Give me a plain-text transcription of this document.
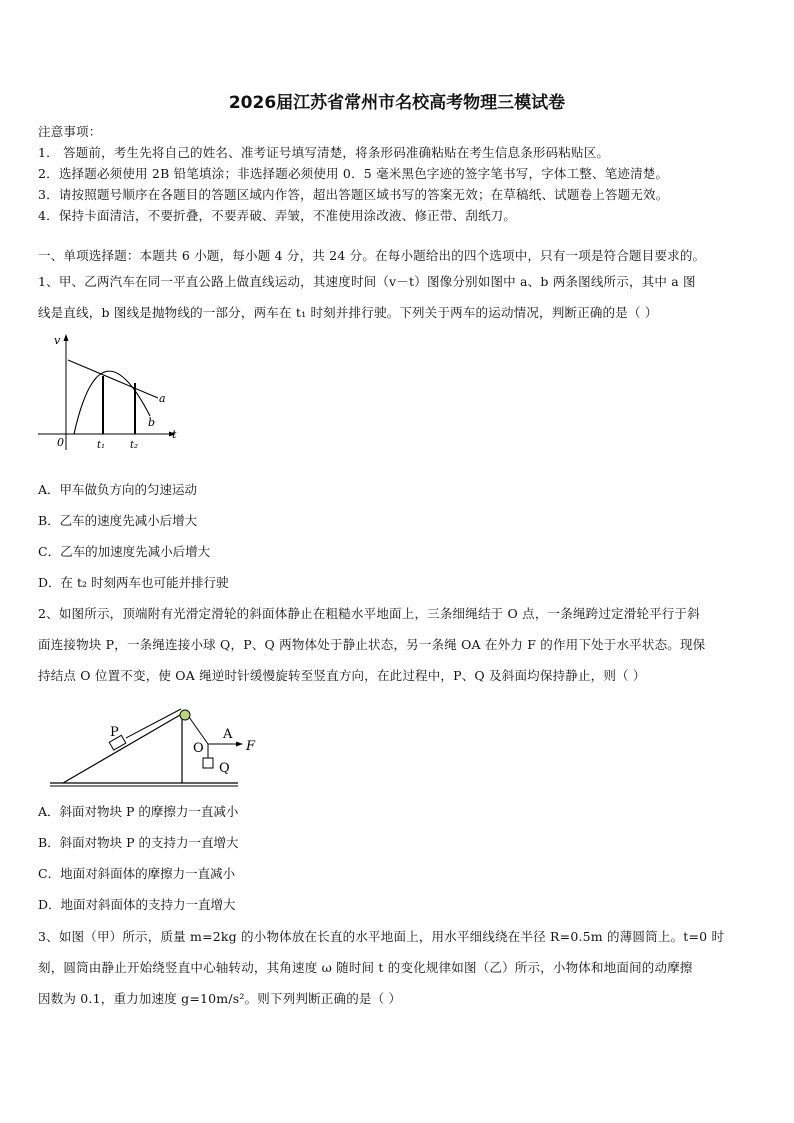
2026届江苏省常州市名校高考物理三模试卷
注意事项：
1． 答题前，考生先将自己的姓名、准考证号填写清楚，将条形码准确粘贴在考生信息条形码粘贴区。
2．选择题必须使用 2B 铅笔填涂；非选择题必须使用 0．5 毫米黑色字迹的签字笔书写，字体工整、笔迹清楚。
3．请按照题号顺序在各题目的答题区域内作答，超出答题区域书写的答案无效；在草稿纸、试题卷上答题无效。
4．保持卡面清洁，不要折叠，不要弄破、弄皱，不准使用涂改液、修正带、刮纸刀。
一、单项选择题：本题共 6 小题，每小题 4 分，共 24 分。在每小题给出的四个选项中，只有一项是符合题目要求的。
1、甲、乙两汽车在同一平直公路上做直线运动，其速度时间（v－t）图像分别如图中 a、b 两条图线所示，其中 a 图
线是直线，b 图线是抛物线的一部分，两车在 t₁ 时刻并排行驶。下列关于两车的运动情况，判断正确的是（ ）
v
t
0	t₁ t₂
a
b
A．甲车做负方向的匀速运动
B．乙车的速度先减小后增大
C．乙车的加速度先减小后增大
D．在 t₂ 时刻两车也可能并排行驶
2、如图所示，顶端附有光滑定滑轮的斜面体静止在粗糙水平地面上，三条细绳结于 O 点，一条绳跨过定滑轮平行于斜
面连接物块 P，一条绳连接小球 Q，P、Q 两物体处于静止状态，另一条绳 OA 在外力 F 的作用下处于水平状态。现保
持结点 O 位置不变，使 OA 绳逆时针缓慢旋转至竖直方向，在此过程中，P、Q 及斜面均保持静止，则（ ）
P
O
A
F
Q
A．斜面对物块 P 的摩擦力一直减小
B．斜面对物块 P 的支持力一直增大
C．地面对斜面体的摩擦力一直减小
D．地面对斜面体的支持力一直增大
3、如图（甲）所示，质量 m=2kg 的小物体放在长直的水平地面上，用水平细线绕在半径 R=0.5m 的薄圆筒上。t=0 时
刻，圆筒由静止开始绕竖直中心轴转动，其角速度 ω 随时间 t 的变化规律如图（乙）所示，小物体和地面间的动摩擦
因数为 0.1，重力加速度 g=10m/s²。则下列判断正确的是（ ）
